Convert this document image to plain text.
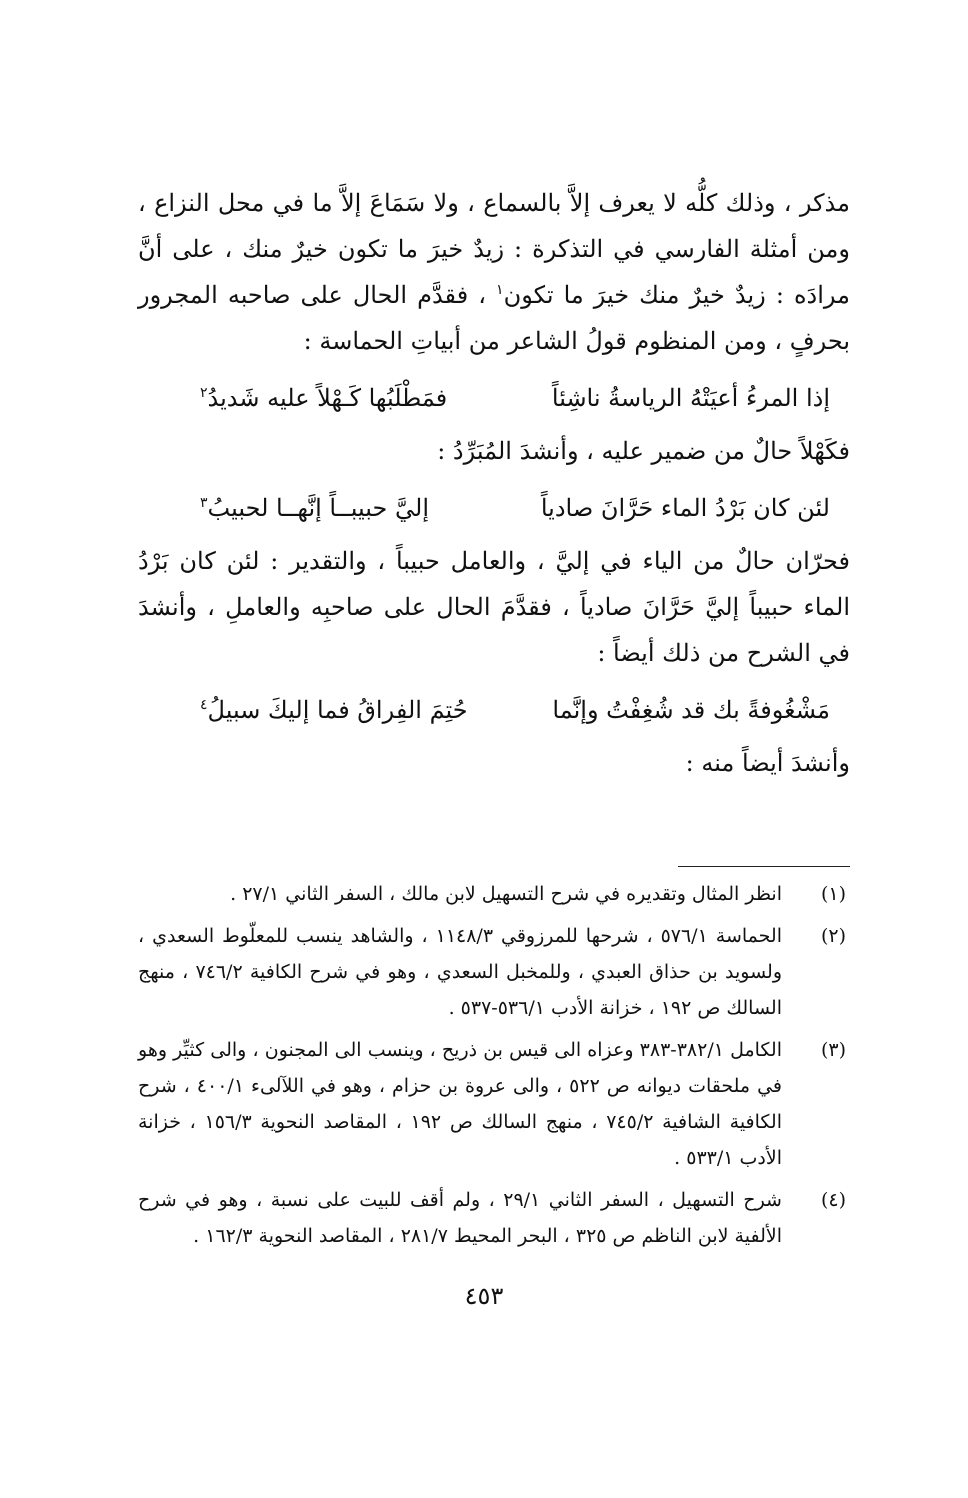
مذكر ، وذلك كلُّه لا يعرف إلاَّ بالسماع ، ولا سَمَاعَ إلاَّ ما في محل النزاع ، ومن أمثلة الفارسي في التذكرة : زيدٌ خيرَ ما تكون خيرٌ منك ، على أنَّ مرادَه : زيدٌ خيرٌ منك خيرَ ما تكون$^١$ ، فقدَّم الحال على صاحبه المجرور بحرفٍ ، ومن المنظوم قولُ الشاعر من أبياتِ الحماسة :

إذا المرءُ أعيَتْهُ الرياسةُ ناشِئاً
فمَطْلَبُها كَـهْلاً عليه شَديدُ$^٢$

فكَهْلاً حالٌ من ضمير عليه ، وأنشدَ المُبَرِّدُ :

لئن كان بَرْدُ الماء حَرَّانَ صادياً
إليَّ حبيبــاً إنَّهــا لحبيبُ$^٣$

فحرّان حالٌ من الياء في إليَّ ، والعامل حبيباً ، والتقدير : لئن كان بَرْدُ الماء حبيباً إليَّ حَرَّانَ صادياً ، فقدَّمَ الحال على صاحبِه والعاملِ ، وأنشدَ في الشرح من ذلك أيضاً :

مَشْغُوفةً بك قد شُغِفْتُ وإنَّما
حُتِمَ الفِراقُ فما إليكَ سبيلُ$^٤$

وأنشدَ أيضاً منه :

(١)
انظر المثال وتقديره في شرح التسهيل لابن مالك ، السفر الثاني ٢٧/١ .
(٢)
الحماسة ٥٧٦/١ ، شرحها للمرزوقي ١١٤٨/٣ ، والشاهد ينسب للمعلّوط السعدي ، ولسويد بن حذاق العبدي ، وللمخبل السعدي ، وهو في شرح الكافية ٧٤٦/٢ ، منهج السالك ص ١٩٢ ، خزانة الأدب ٥٣٦/١-٥٣٧ .
(٣)
الكامل ٣٨٢/١-٣٨٣ وعزاه الى قيس بن ذريح ، وينسب الى المجنون ، والى كثيِّر وهو في ملحقات ديوانه ص ٥٢٢ ، والى عروة بن حزام ، وهو في اللآلىء ٤٠٠/١ ، شرح الكافية الشافية ٧٤٥/٢ ، منهج السالك ص ١٩٢ ، المقاصد النحوية ١٥٦/٣ ، خزانة الأدب ٥٣٣/١ .
(٤)
شرح التسهيل ، السفر الثاني ٢٩/١ ، ولم أقف للبيت على نسبة ، وهو في شرح الألفية لابن الناظم ص ٣٢٥ ، البحر المحيط ٢٨١/٧ ، المقاصد النحوية ١٦٢/٣ .
٤٥٣
